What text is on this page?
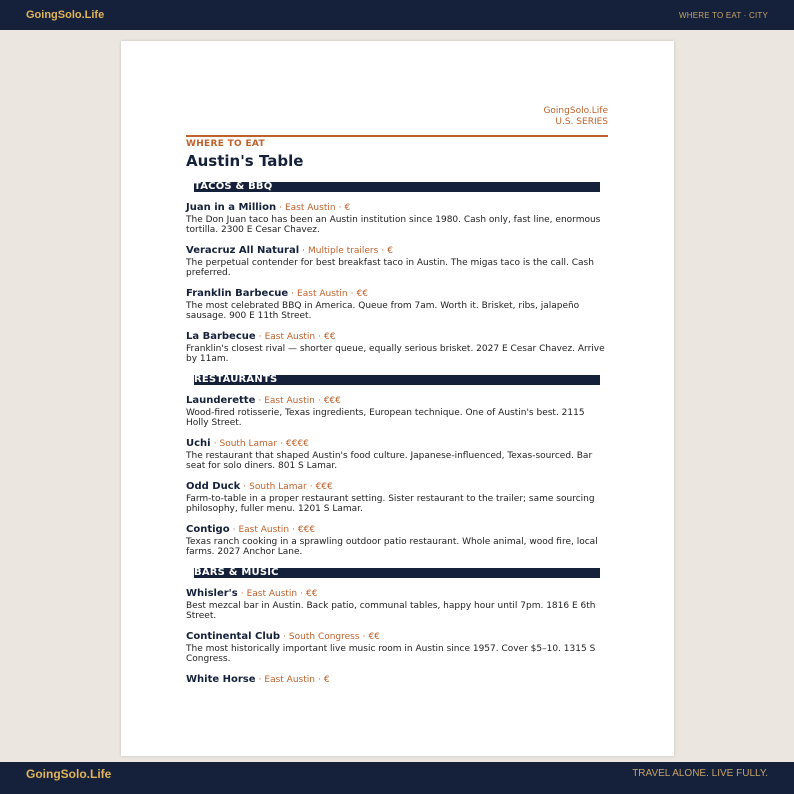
GoingSolo.Life	WHERE TO EAT · CITY
GoingSolo.Life
U.S. SERIES
WHERE TO EAT
Austin's Table
TACOS & BBQ
Juan in a Million · East Austin · €
The Don Juan taco has been an Austin institution since 1980. Cash only, fast line, enormous tortilla. 2300 E Cesar Chavez.
Veracruz All Natural · Multiple trailers · €
The perpetual contender for best breakfast taco in Austin. The migas taco is the call. Cash preferred.
Franklin Barbecue · East Austin · €€
The most celebrated BBQ in America. Queue from 7am. Worth it. Brisket, ribs, jalapeño sausage. 900 E 11th Street.
La Barbecue · East Austin · €€
Franklin's closest rival — shorter queue, equally serious brisket. 2027 E Cesar Chavez. Arrive by 11am.
RESTAURANTS
Launderette · East Austin · €€€
Wood-fired rotisserie, Texas ingredients, European technique. One of Austin's best. 2115 Holly Street.
Uchi · South Lamar · €€€€
The restaurant that shaped Austin's food culture. Japanese-influenced, Texas-sourced. Bar seat for solo diners. 801 S Lamar.
Odd Duck · South Lamar · €€€
Farm-to-table in a proper restaurant setting. Sister restaurant to the trailer; same sourcing philosophy, fuller menu. 1201 S Lamar.
Contigo · East Austin · €€€
Texas ranch cooking in a sprawling outdoor patio restaurant. Whole animal, wood fire, local farms. 2027 Anchor Lane.
BARS & MUSIC
Whisler's · East Austin · €€
Best mezcal bar in Austin. Back patio, communal tables, happy hour until 7pm. 1816 E 6th Street.
Continental Club · South Congress · €€
The most historically important live music room in Austin since 1957. Cover $5–10. 1315 S Congress.
White Horse · East Austin · €
GoingSolo.Life	TRAVEL ALONE. LIVE FULLY.
